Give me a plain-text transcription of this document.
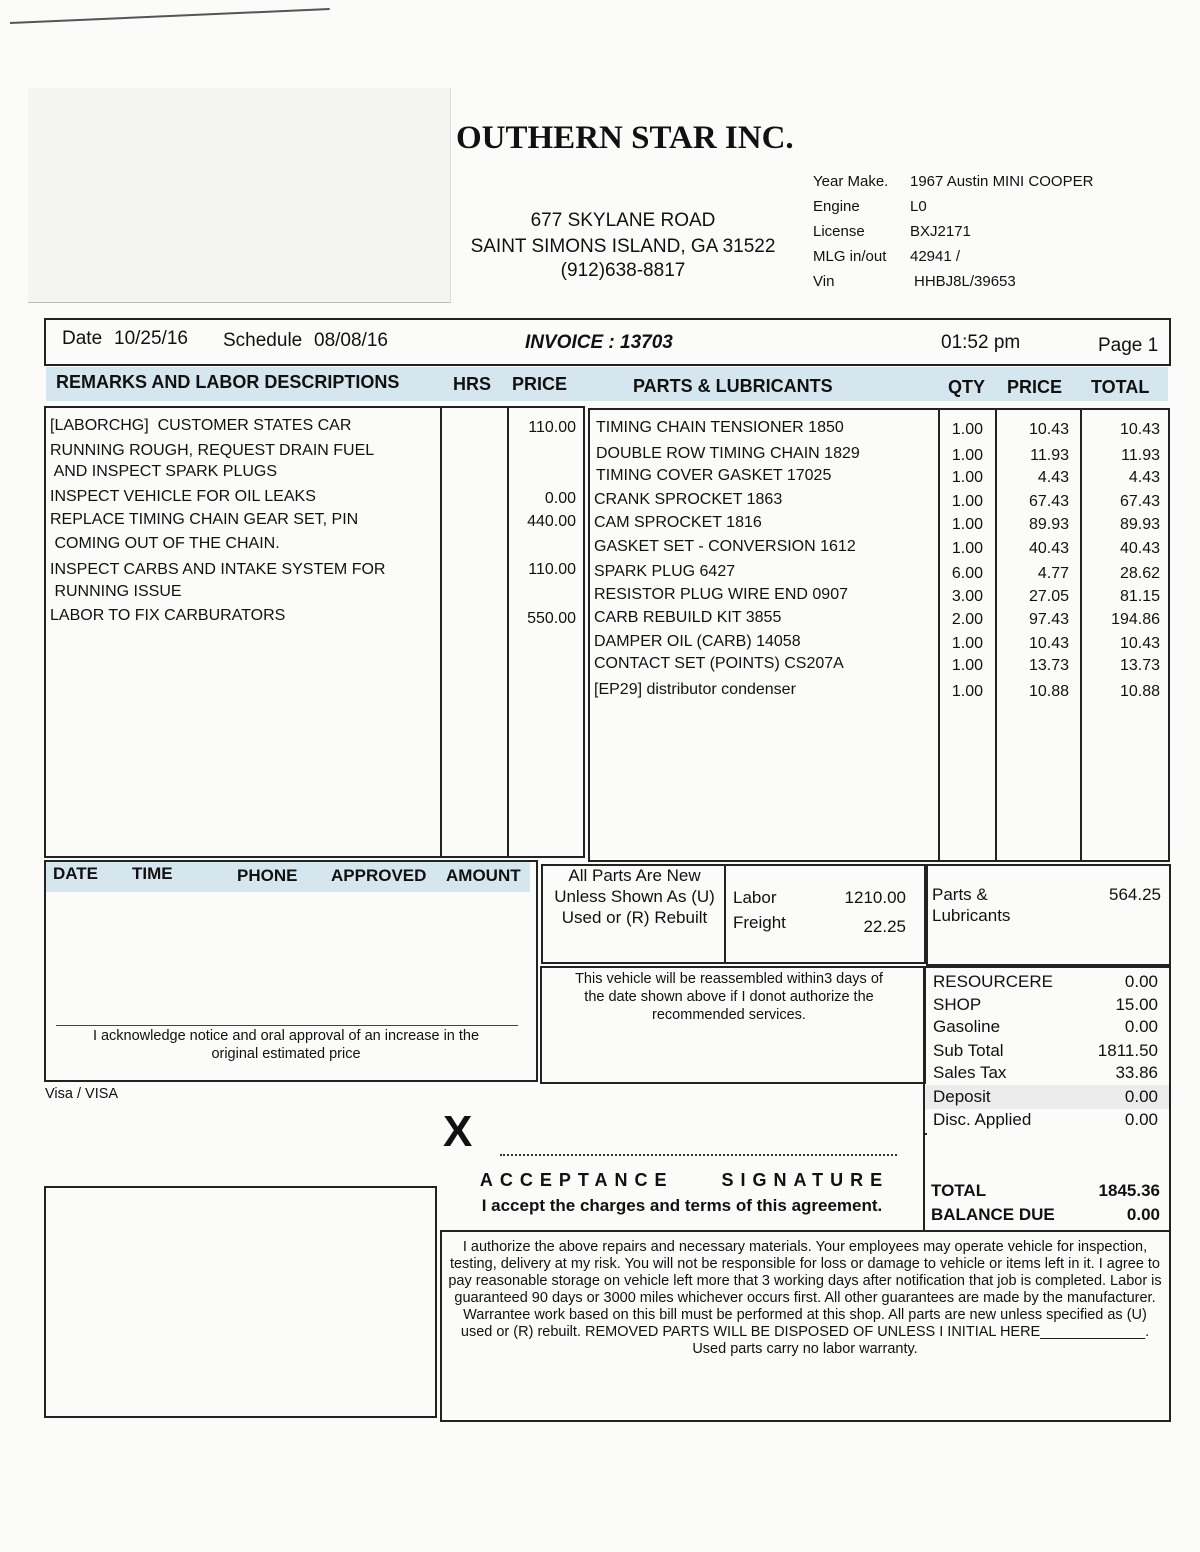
OUTHERN STAR INC.
677 SKYLANE ROAD
SAINT SIMONS ISLAND, GA 31522
(912)638-8817
Year Make. 1967 Austin MINI COOPER
Engine	L0
License	BXJ2171
MLG in/out 42941 /
Vin	HHBJ8L/39653
Date 10/25/16 Schedule 08/08/16	INVOICE : 13703	01:52 pm	Page 1
REMARKS AND LABOR DESCRIPTIONS	HRS PRICE	PARTS & LUBRICANTS	QTY PRICE TOTAL
[LABORCHG]  CUSTOMER STATES CAR	110.00
RUNNING ROUGH, REQUEST DRAIN FUEL
AND INSPECT SPARK PLUGS
INSPECT VEHICLE FOR OIL LEAKS	0.00
REPLACE TIMING CHAIN GEAR SET, PIN	440.00
COMING OUT OF THE CHAIN.
INSPECT CARBS AND INTAKE SYSTEM FOR	110.00
RUNNING ISSUE
LABOR TO FIX CARBURATORS	550.00
TIMING CHAIN TENSIONER 1850	1.00	10.43	10.43
DOUBLE ROW TIMING CHAIN 1829	1.00	11.93	11.93
TIMING COVER GASKET 17025	1.00	4.43	4.43
CRANK SPROCKET 1863	1.00	67.43	67.43
CAM SPROCKET 1816	1.00	89.93	89.93
GASKET SET - CONVERSION 1612	1.00	40.43	40.43
SPARK PLUG 6427	6.00	4.77	28.62
RESISTOR PLUG WIRE END 0907	3.00	27.05	81.15
CARB REBUILD KIT 3855	2.00	97.43	194.86
DAMPER OIL (CARB) 14058	1.00	10.43	10.43
CONTACT SET (POINTS) CS207A	1.00	13.73	13.73
[EP29] distributor condenser	1.00	10.88	10.88
DATE TIME	PHONE APPROVED AMOUNT
I acknowledge notice and oral approval of an increase in the original estimated price
Visa / VISA
All Parts Are New Unless Shown As (U) Used or (R) Rebuilt
Labor	1210.00
Freight	22.25
Parts & Lubricants
564.25
This vehicle will be reassembled within3 days of the date shown above if I donot authorize the recommended services.
RESOURCERE	0.00
SHOP	15.00
Gasoline	0.00
Sub Total	1811.50
Sales Tax	33.86
Deposit	0.00
Disc. Applied	0.00
TOTAL	1845.36
BALANCE DUE	0.00
X
ACCEPTANCE    SIGNATURE
I accept the charges and terms of this agreement.
I authorize the above repairs and necessary materials. Your employees may operate vehicle for inspection, testing, delivery at my risk. You will not be responsible for loss or damage to vehicle or items left in it. I agree to pay reasonable storage on vehicle left more that 3 working days after notification that job is completed. Labor is guaranteed 90 days or 3000 miles whichever occurs first. All other guarantees are made by the manufacturer. Warrantee work based on this bill must be performed at this shop. All parts are new unless specified as (U) used or (R) rebuilt. REMOVED PARTS WILL BE DISPOSED OF UNLESS I INITIAL HERE_____________. Used parts carry no labor warranty.
